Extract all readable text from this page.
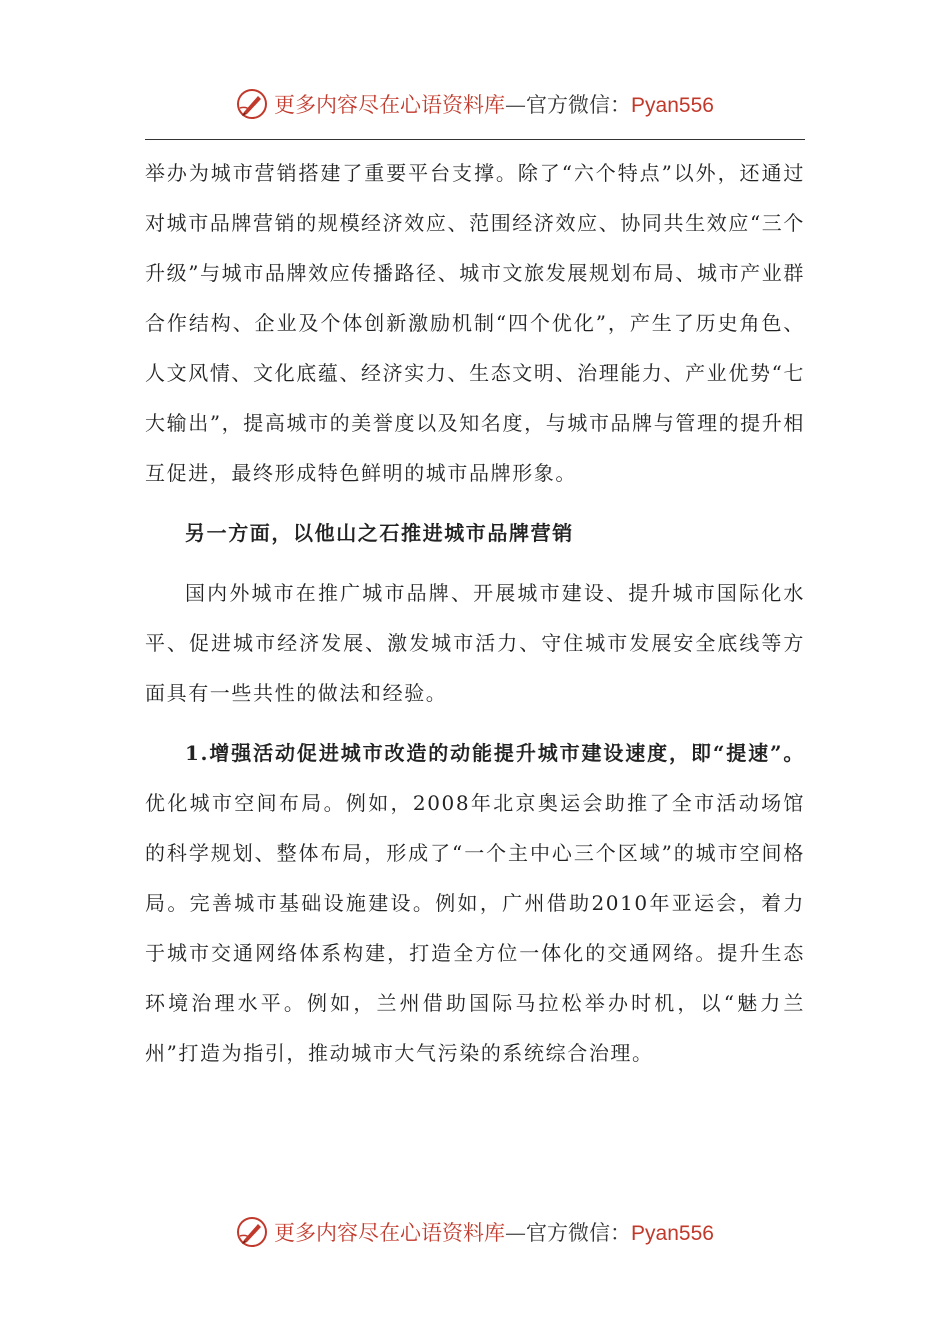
更多内容尽在心语资料库—官方微信：Pyan556

举办为城市营销搭建了重要平台支撑。除了“六个特点”以外，还通过对城市品牌营销的规模经济效应、范围经济效应、协同共生效应“三个升级”与城市品牌效应传播路径、城市文旅发展规划布局、城市产业群合作结构、企业及个体创新激励机制“四个优化”，产生了历史角色、人文风情、文化底蕴、经济实力、生态文明、治理能力、产业优势“七大输出”，提高城市的美誉度以及知名度，与城市品牌与管理的提升相互促进，最终形成特色鲜明的城市品牌形象。

另一方面，以他山之石推进城市品牌营销

国内外城市在推广城市品牌、开展城市建设、提升城市国际化水平、促进城市经济发展、激发城市活力、守住城市发展安全底线等方面具有一些共性的做法和经验。

1.增强活动促进城市改造的动能提升城市建设速度，即“提速”。优化城市空间布局。例如，2008年北京奥运会助推了全市活动场馆的科学规划、整体布局，形成了“一个主中心三个区域”的城市空间格局。完善城市基础设施建设。例如，广州借助2010年亚运会，着力于城市交通网络体系构建，打造全方位一体化的交通网络。提升生态环境治理水平。例如，兰州借助国际马拉松举办时机，以“魅力兰州”打造为指引，推动城市大气污染的系统综合治理。

更多内容尽在心语资料库—官方微信：Pyan556
